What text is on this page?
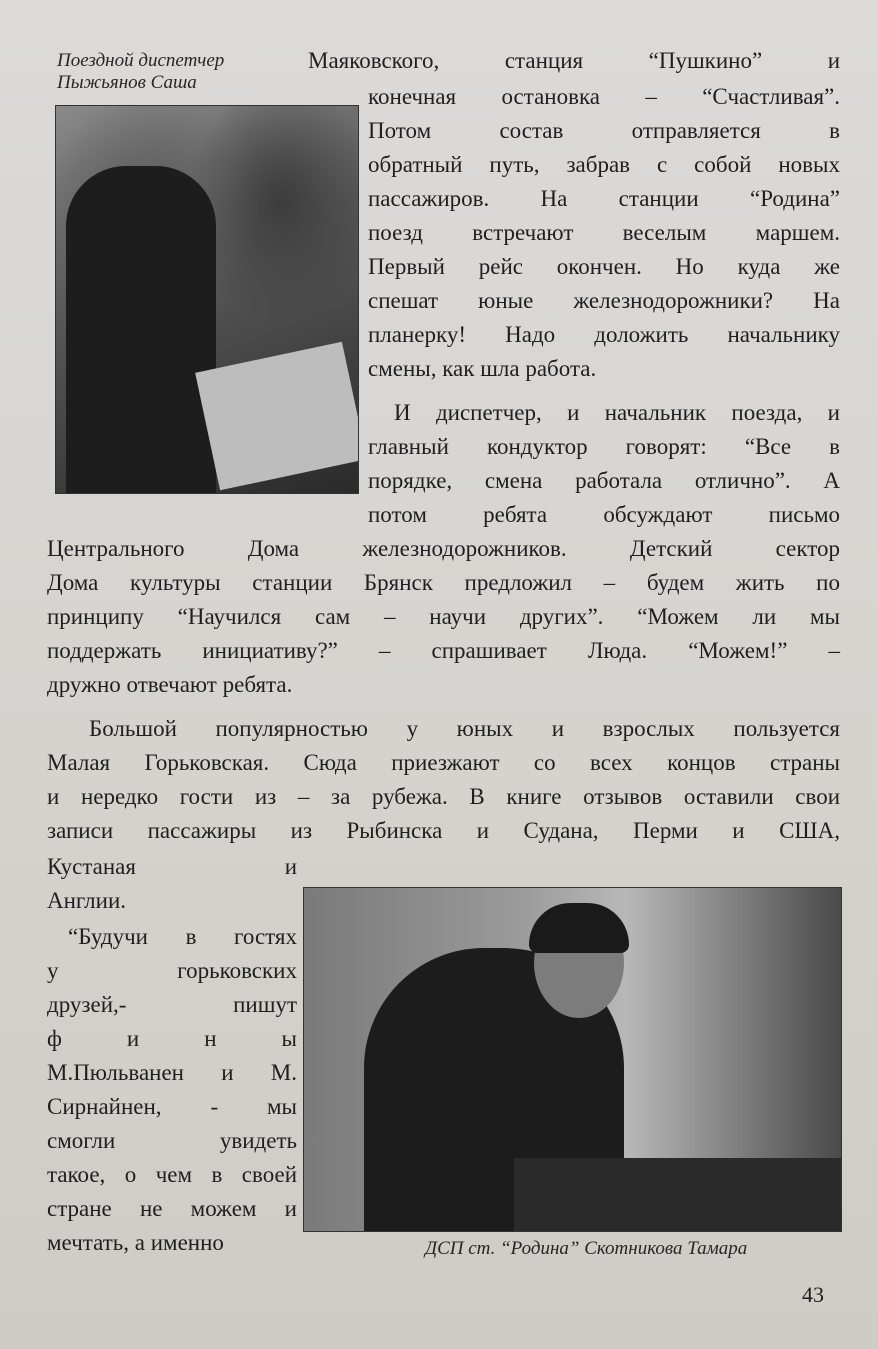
Поездной диспетчер
Пыжьянов Саша
Маяковского, станция “Пушкино” и
конечная остановка – “Счастливая”.
Потом состав отправляется в
обратный путь, забрав с собой новых
пассажиров. На станции “Родина”
поезд встречают веселым маршем.
Первый рейс окончен. Но куда же
спешат юные железнодорожники? На
планерку! Надо доложить начальнику
смены, как шла работа.
И диспетчер, и начальник поезда, и
главный кондуктор говорят: “Все в
порядке, смена работала отлично”. А
потом ребята обсуждают письмо
Центрального Дома железнодорожников. Детский сектор
Дома культуры станции Брянск предложил – будем жить по
принципу “Научился сам – научи других”. “Можем ли мы
поддержать инициативу?” – спрашивает Люда. “Можем!” –
дружно отвечают ребята.
Большой популярностью у юных и взрослых пользуется
Малая Горьковская. Сюда приезжают со всех концов страны
и нередко гости из – за рубежа. В книге отзывов оставили свои
записи пассажиры из Рыбинска и Судана, Перми и США,
Кустаная и
Англии.
“Будучи в гостях
у горьковских
друзей,- пишут
ф и н ы
М.Пюльванен и М.
Сирнайнен, - мы
смогли увидеть
такое, о чем в своей
стране не можем и
мечтать, а именно	ДСП ст. “Родина” Скотникова Тамара
43
